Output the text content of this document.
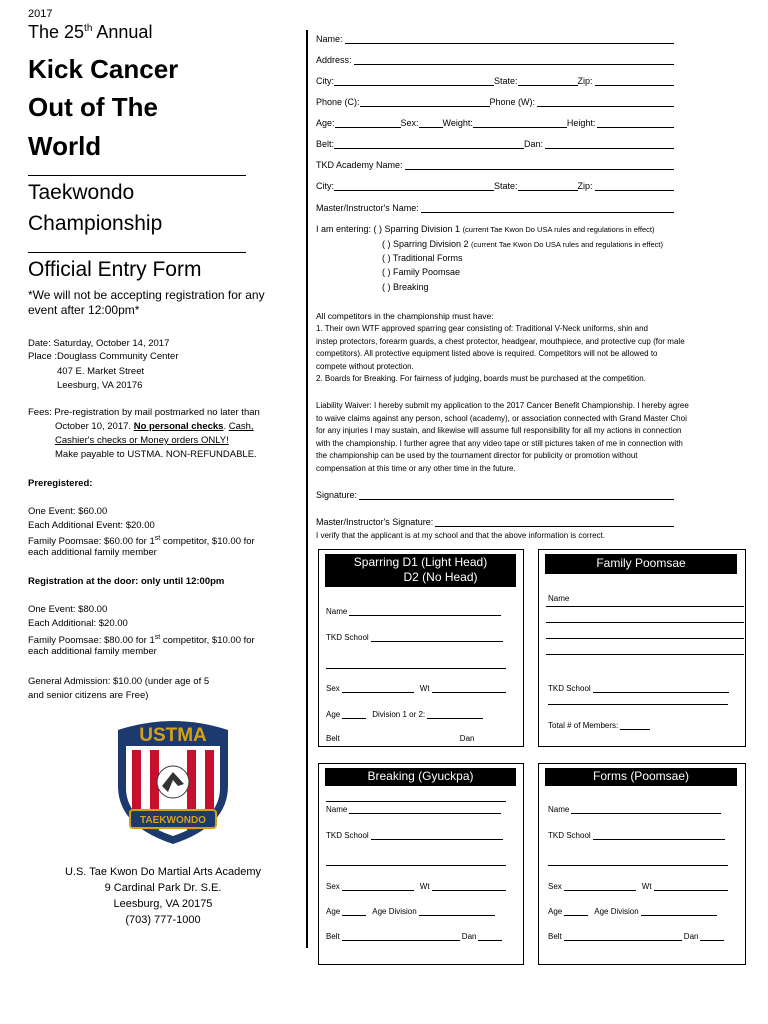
2017
The 25th Annual
Kick Cancer
Out of The
World
Taekwondo
Championship
Official Entry Form
*We will not be accepting registration for any event after 12:00pm*
Date: Saturday, October 14, 2017
Place :Douglass Community Center
407 E. Market Street
Leesburg, VA 20176
Fees: Pre-registration by mail postmarked no later than
October 10, 2017. No personal checks. Cash,
Cashier's checks or Money orders ONLY!
Make payable to USTMA. NON-REFUNDABLE.
Preregistered:
One Event: $60.00
Each Additional Event: $20.00
Family Poomsae: $60.00 for 1st competitor, $10.00 for
each additional family member
Registration at the door: only until 12:00pm
One Event: $80.00
Each Additional: $20.00
Family Poomsae: $80.00 for 1st competitor, $10.00 for
each additional family member
General Admission: $10.00 (under age of 5
and senior citizens are Free)
USTMA
TAEKWONDO
U.S. Tae Kwon Do Martial Arts Academy
9 Cardinal Park Dr. S.E.
Leesburg, VA 20175
(703) 777-1000
Name:
Address:
City:	State:	Zip:
Phone (C):	Phone (W):
Age:	Sex:	Weight:	Height:
Belt:	Dan:
TKD Academy Name:
City:	State:	Zip:
Master/Instructor's Name:
I am entering: ( ) Sparring Division 1 (current Tae Kwon Do USA rules and regulations in effect)
( ) Sparring Division 2 (current Tae Kwon Do USA rules and regulations in effect)
( ) Traditional Forms
( ) Family Poomsae
( ) Breaking
All competitors in the championship must have:
1. Their own WTF approved sparring gear consisting of: Traditional V-Neck uniforms, shin and
instep protectors, forearm guards, a chest protector, headgear, mouthpiece, and protective cup (for male
competitors). All protective equipment listed above is required. Competitors will not be allowed to
compete without protection.
2. Boards for Breaking. For fairness of judging, boards must be purchased at the competition.
Liability Waiver: I hereby submit my application to the 2017 Cancer Benefit Championship. I hereby agree
to waive claims against any person, school (academy), or association connected with Grand Master Choi
for any injuries I may sustain, and likewise will assume full responsibility for all my actions in connection
with the championship. I further agree that any video tape or still pictures taken of me in connection with
the championship can be used by the tournament director for publicity or promotion without
compensation at this time or any other time in the future.
Signature:
Master/Instructor's Signature:
I verify that the applicant is at my school and that the above information is correct.
Sparring D1 (Light Head)
D2 (No Head)
Name
TKD School
Sex	Wt
Age	Division 1 or 2:
Belt	Dan
Family Poomsae
Name
TKD School
Total # of Members:
Breaking (Gyuckpa)
Name
TKD School
Sex	Wt
Age	Age Division
Belt	Dan
Forms (Poomsae)
Name
TKD School
Sex	Wt
Age	Age Division
Belt	Dan
